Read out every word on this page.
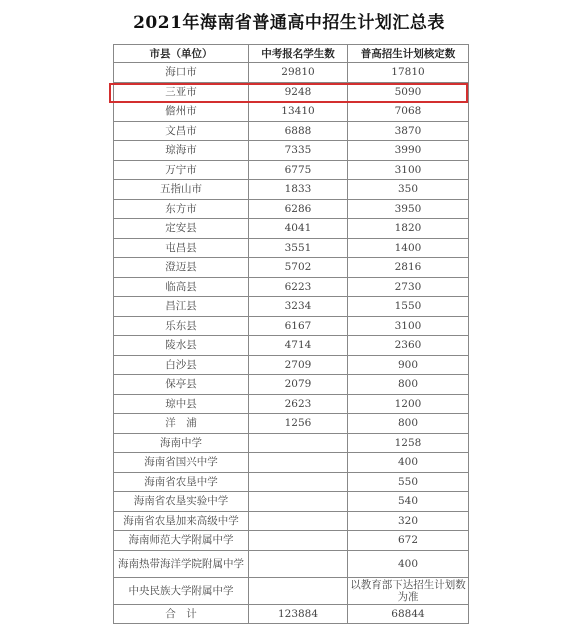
2021年海南省普通高中招生计划汇总表
市县（单位）	中考报名学生数	普高招生计划核定数
海口市	29810	17810
三亚市	9248	5090
儋州市	13410	7068
文昌市	6888	3870
琼海市	7335	3990
万宁市	6775	3100
五指山市	1833	350
东方市	6286	3950
定安县	4041	1820
屯昌县	3551	1400
澄迈县	5702	2816
临高县	6223	2730
昌江县	3234	1550
乐东县	6167	3100
陵水县	4714	2360
白沙县	2709	900
保亭县	2079	800
琼中县	2623	1200
洋　浦	1256	800
海南中学		1258
海南省国兴中学		400
海南省农垦中学		550
海南省农垦实验中学		540
海南省农垦加来高级中学		320
海南师范大学附属中学		672
海南热带海洋学院附属中学		400
中央民族大学附属中学		以教育部下达招生计划数为准
合　计	123884	68844
